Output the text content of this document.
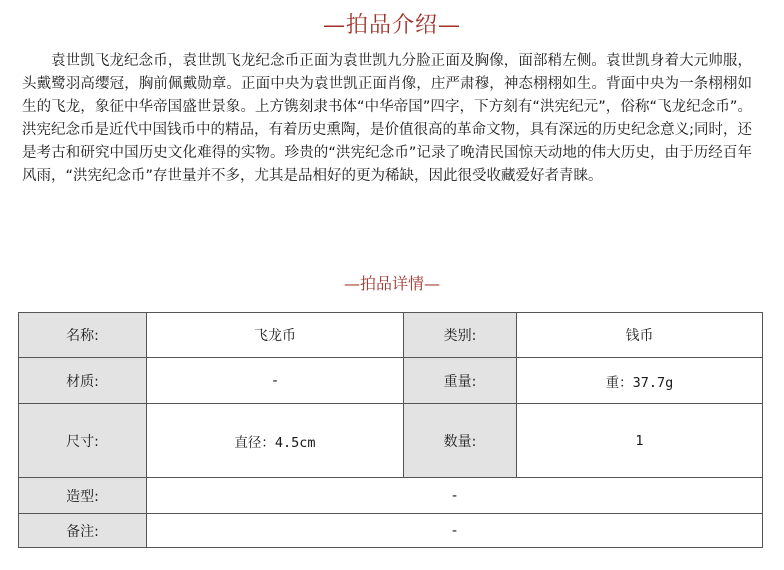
—拍品介绍—

袁世凯飞龙纪念币，袁世凯飞龙纪念币正面为袁世凯九分脸正面及胸像，面部稍左侧。袁世凯身着大元帅服，头戴鹭羽高缨冠，胸前佩戴勋章。正面中央为袁世凯正面肖像，庄严肃穆，神态栩栩如生。背面中央为一条栩栩如生的飞龙，象征中华帝国盛世景象。上方镌刻隶书体“中华帝国”四字，下方刻有“洪宪纪元”，俗称“飞龙纪念币”。洪宪纪念币是近代中国钱币中的精品，有着历史熏陶，是价值很高的革命文物，具有深远的历史纪念意义;同时，还是考古和研究中国历史文化难得的实物。珍贵的“洪宪纪念币”记录了晚清民国惊天动地的伟大历史，由于历经百年风雨，“洪宪纪念币”存世量并不多，尤其是品相好的更为稀缺，因此很受收藏爱好者青睐。

—拍品详情—
名称:	飞龙币	类别:	钱币
材质:	-	重量:	重：37.7g
尺寸:	直径：4.5cm	数量:	1
造型:	-		
备注:	-		
